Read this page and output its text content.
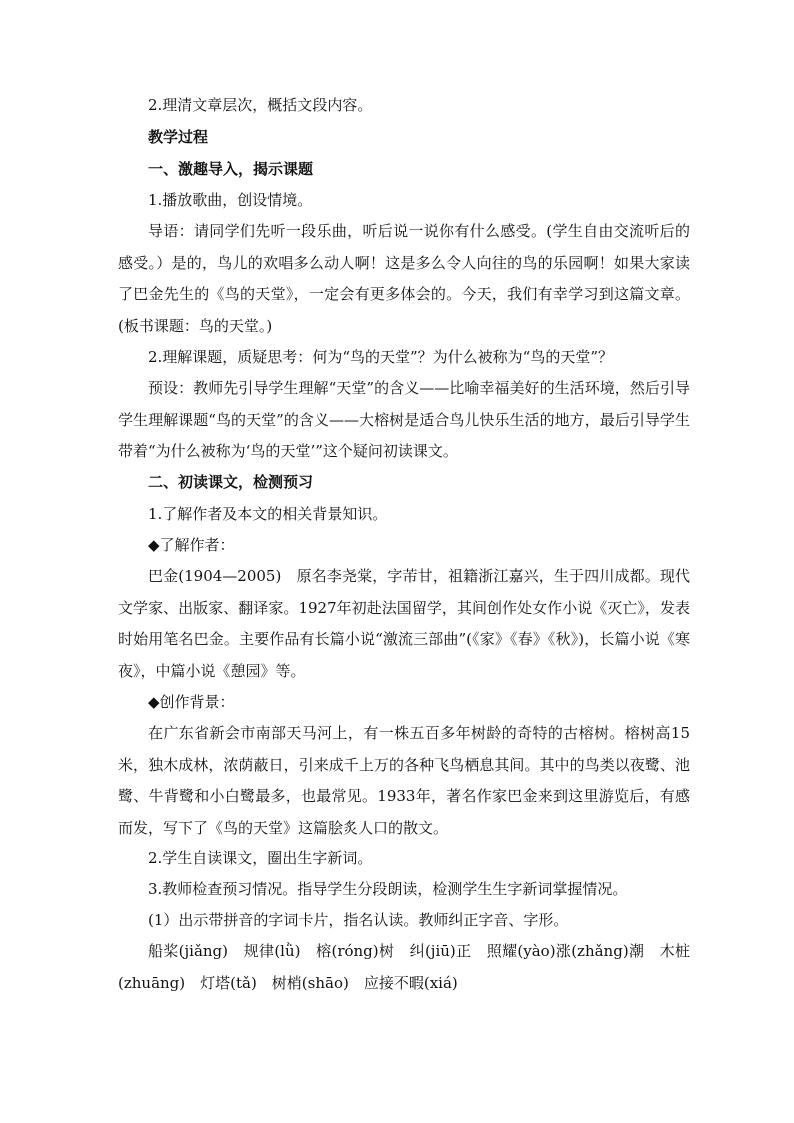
2.理清文章层次，概括文段内容。

教学过程

一、激趣导入，揭示课题

1.播放歌曲，创设情境。

导语：请同学们先听一段乐曲，听后说一说你有什么感受。(学生自由交流听后的感受。）是的，鸟儿的欢唱多么动人啊！这是多么令人向往的鸟的乐园啊！如果大家读了巴金先生的《鸟的天堂》，一定会有更多体会的。今天，我们有幸学习到这篇文章。(板书课题：鸟的天堂。)

2.理解课题，质疑思考：何为“鸟的天堂”？为什么被称为“鸟的天堂”？

预设：教师先引导学生理解“天堂”的含义——比喻幸福美好的生活环境，然后引导学生理解课题“鸟的天堂”的含义——大榕树是适合鸟儿快乐生活的地方，最后引导学生带着“为什么被称为‘鸟的天堂’”这个疑问初读课文。

二、初读课文，检测预习

1.了解作者及本文的相关背景知识。

◆了解作者：

巴金(1904—2005)　原名李尧棠，字芾甘，祖籍浙江嘉兴，生于四川成都。现代文学家、出版家、翻译家。1927年初赴法国留学，其间创作处女作小说《灭亡》，发表时始用笔名巴金。主要作品有长篇小说“激流三部曲”(《家》《春》《秋》)，长篇小说《寒夜》，中篇小说《憩园》等。

◆创作背景：

在广东省新会市南部天马河上，有一株五百多年树龄的奇特的古榕树。榕树高15米，独木成林，浓荫蔽日，引来成千上万的各种飞鸟栖息其间。其中的鸟类以夜鹭、池鹭、牛背鹭和小白鹭最多，也最常见。1933年，著名作家巴金来到这里游览后，有感而发，写下了《鸟的天堂》这篇脍炙人口的散文。

2.学生自读课文，圈出生字新词。

3.教师检查预习情况。指导学生分段朗读，检测学生生字新词掌握情况。

(1）出示带拼音的字词卡片，指名认读。教师纠正字音、字形。

船桨(jiǎng)　规律(lǜ)　榕(róng)树　纠(jiū)正　照耀(yào)涨(zhǎng)潮　木桩(zhuāng)　灯塔(tǎ)　树梢(shāo)　应接不暇(xiá)
